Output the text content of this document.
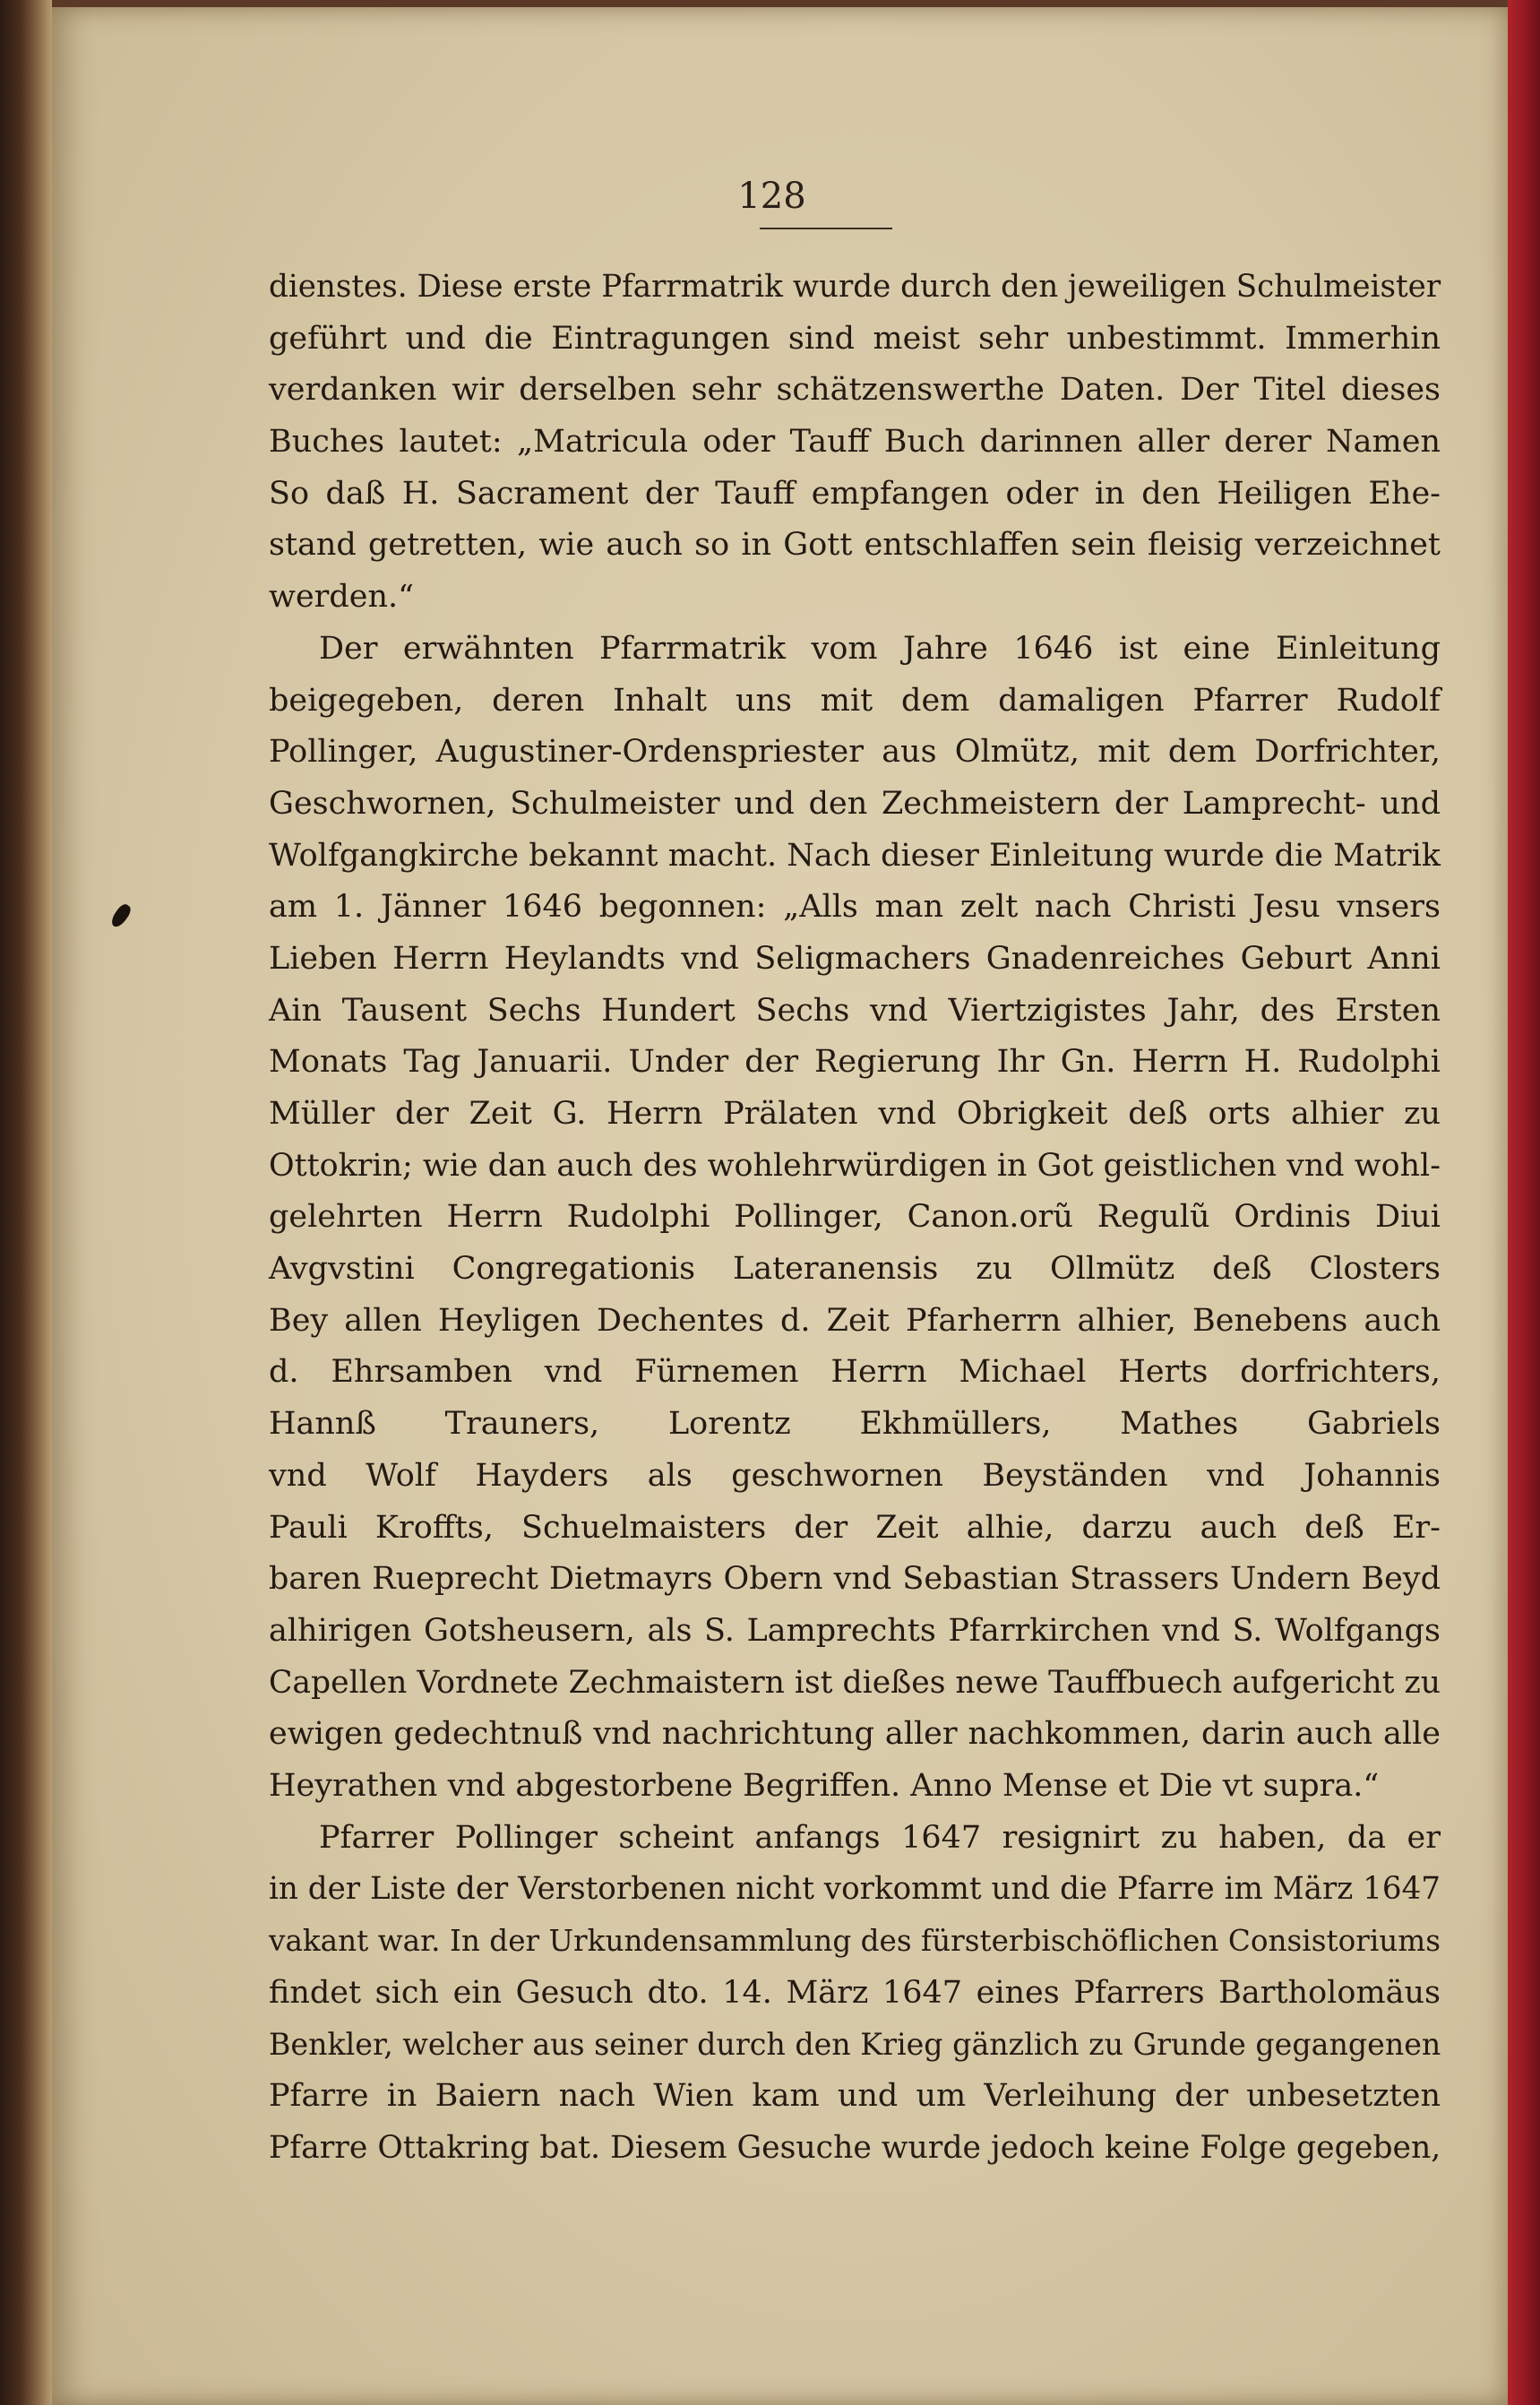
128
dienstes. Diese erste Pfarrmatrik wurde durch den jeweiligen Schulmeister
geführt und die Eintragungen sind meist sehr unbestimmt. Immerhin
verdanken wir derselben sehr schätzenswerthe Daten. Der Titel dieses
Buches lautet: „Matricula oder Tauff Buch darinnen aller derer Namen
So daß H. Sacrament der Tauff empfangen oder in den Heiligen Ehe-
stand getretten, wie auch so in Gott entschlaffen sein fleisig verzeichnet
werden.“
Der erwähnten Pfarrmatrik vom Jahre 1646 ist eine Einleitung
beigegeben, deren Inhalt uns mit dem damaligen Pfarrer Rudolf
Pollinger, Augustiner-Ordenspriester aus Olmütz, mit dem Dorfrichter,
Geschwornen, Schulmeister und den Zechmeistern der Lamprecht- und
Wolfgangkirche bekannt macht. Nach dieser Einleitung wurde die Matrik
am 1. Jänner 1646 begonnen: „Alls man zelt nach Christi Jesu vnsers
Lieben Herrn Heylandts vnd Seligmachers Gnadenreiches Geburt Anni
Ain Tausent Sechs Hundert Sechs vnd Viertzigistes Jahr, des Ersten
Monats Tag Januarii. Under der Regierung Ihr Gn. Herrn H. Rudolphi
Müller der Zeit G. Herrn Prälaten vnd Obrigkeit deß orts alhier zu
Ottokrin; wie dan auch des wohlehrwürdigen in Got geistlichen vnd wohl-
gelehrten Herrn Rudolphi Pollinger, Canon.orũ Regulũ Ordinis Diui
Avgvstini Congregationis Lateranensis zu Ollmütz deß Closters
Bey allen Heyligen Dechentes d. Zeit Pfarherrn alhier, Benebens auch
d. Ehrsamben vnd Fürnemen Herrn Michael Herts dorfrichters,
Hannß Trauners, Lorentz Ekhmüllers, Mathes Gabriels
vnd Wolf Hayders als geschwornen Beyständen vnd Johannis
Pauli Kroffts, Schuelmaisters der Zeit alhie, darzu auch deß Er-
baren Rueprecht Dietmayrs Obern vnd Sebastian Strassers Undern Beyd
alhirigen Gotsheusern, als S. Lamprechts Pfarrkirchen vnd S. Wolfgangs
Capellen Vordnete Zechmaistern ist dießes newe Tauffbuech aufgericht zu
ewigen gedechtnuß vnd nachrichtung aller nachkommen, darin auch alle
Heyrathen vnd abgestorbene Begriffen. Anno Mense et Die vt supra.“
Pfarrer Pollinger scheint anfangs 1647 resignirt zu haben, da er
in der Liste der Verstorbenen nicht vorkommt und die Pfarre im März 1647
vakant war. In der Urkundensammlung des fürsterbischöflichen Consistoriums
findet sich ein Gesuch dto. 14. März 1647 eines Pfarrers Bartholomäus
Benkler, welcher aus seiner durch den Krieg gänzlich zu Grunde gegangenen
Pfarre in Baiern nach Wien kam und um Verleihung der unbesetzten
Pfarre Ottakring bat. Diesem Gesuche wurde jedoch keine Folge gegeben,
